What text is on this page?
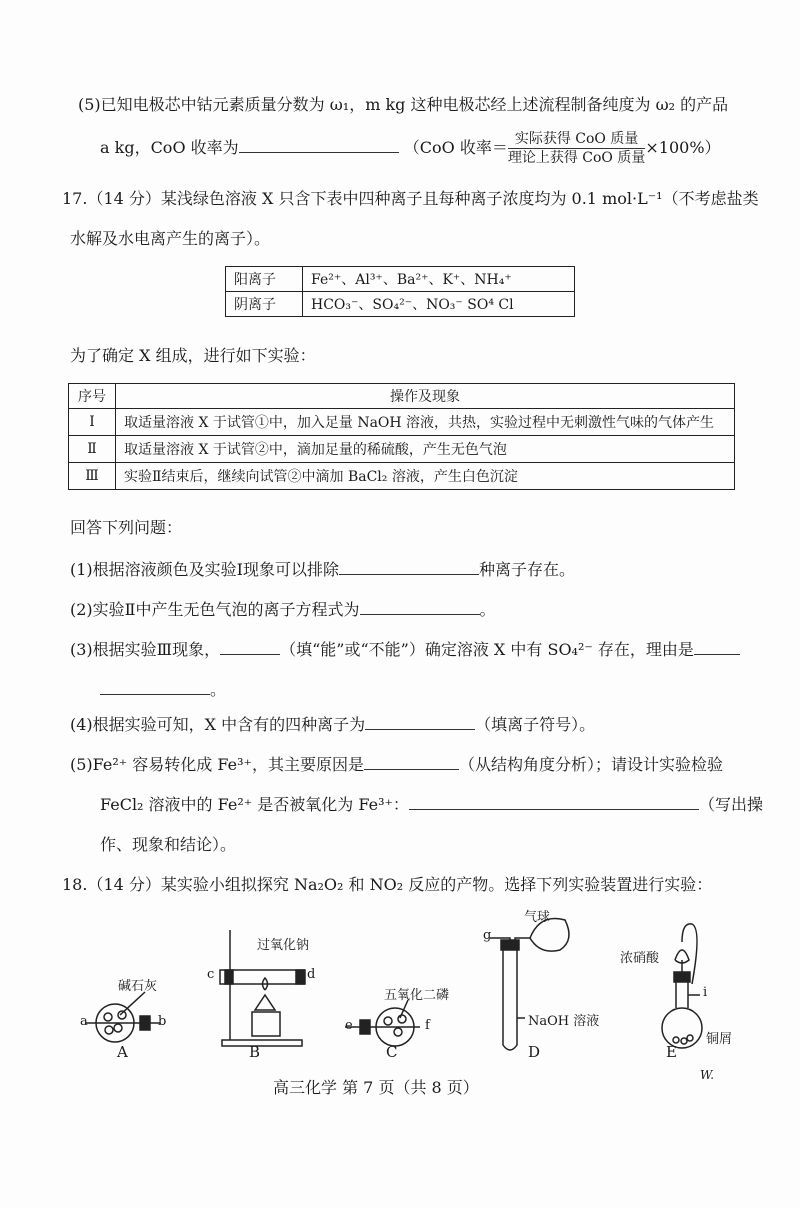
(5)已知电极芯中钴元素质量分数为 ω₁，m kg 这种电极芯经上述流程制备纯度为 ω₂ 的产品
a kg，CoO 收率为	（CoO 收率＝ $\frac{\text{实际获得 CoO 质量}}{\text{理论上获得 CoO 质量}} \times 100\%$）
17.（14 分）某浅绿色溶液 X 只含下表中四种离子且每种离子浓度均为 0.1 mol·L⁻¹（不考虑盐类
水解及水电离产生的离子）。
阳离子	Fe²⁺、Al³⁺、Ba²⁺、K⁺、NH₄⁺
阴离子	HCO₃⁻、SO₄²⁻、NO₃⁻ SO⁴ Cl
为了确定 X 组成，进行如下实验：
序号	操作及现象
Ⅰ	取适量溶液 X 于试管①中，加入足量 NaOH 溶液，共热，实验过程中无刺激性气味的气体产生
Ⅱ	取适量溶液 X 于试管②中，滴加足量的稀硫酸，产生无色气泡
Ⅲ	实验Ⅱ结束后，继续向试管②中滴加 BaCl₂ 溶液，产生白色沉淀
回答下列问题：
(1)根据溶液颜色及实验Ⅰ现象可以排除	种离子存在。
(2)实验Ⅱ中产生无色气泡的离子方程式为	。
(3)根据实验Ⅲ现象，	（填“能”或“不能”）确定溶液 X 中有 SO₄²⁻ 存在，理由是
。
(4)根据实验可知，X 中含有的四种离子为	（填离子符号）。
(5)Fe²⁺ 容易转化成 Fe³⁺，其主要原因是	（从结构角度分析）；请设计实验检验
FeCl₂ 溶液中的 Fe²⁺ 是否被氧化为 Fe³⁺：	（写出操
作、现象和结论）。
18.（14 分）某实验小组拟探究 Na₂O₂ 和 NO₂ 反应的产物。选择下列实验装置进行实验：
a	b
碱石灰
A
c	d
过氧化钠
B
e	f
五氧化二磷
C
g
气球
NaOH 溶液
D
i
浓硝酸
铜屑
E
高三化学 第 7 页（共 8 页）
W.
